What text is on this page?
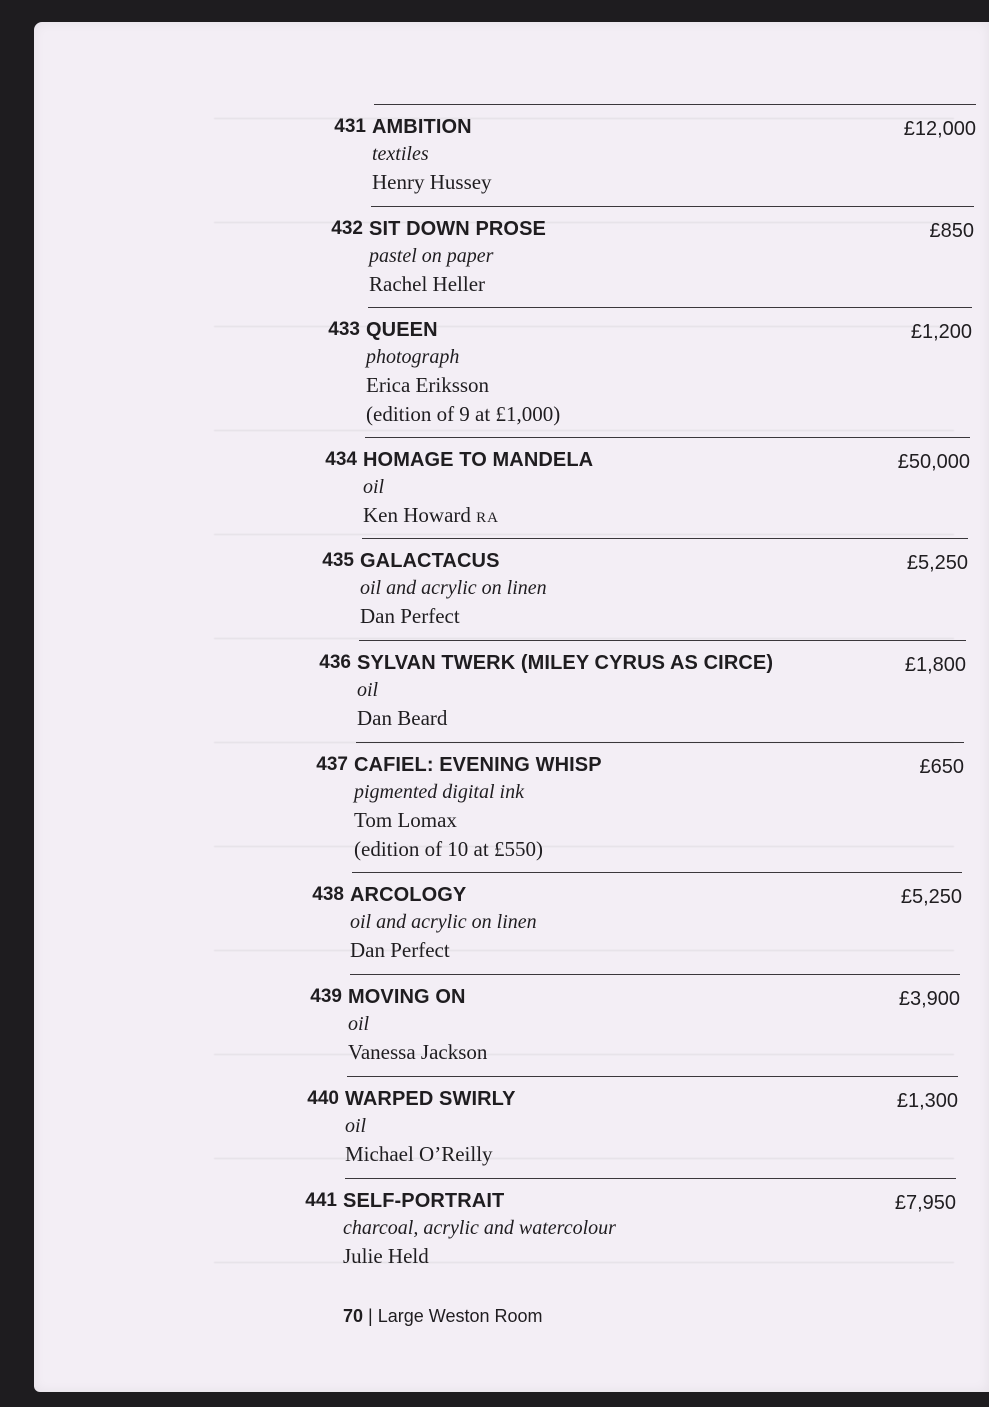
431 AMBITION	£12,000
textiles
Henry Hussey
432 SIT DOWN PROSE	£850
pastel on paper
Rachel Heller
433 QUEEN	£1,200
photograph
Erica Eriksson
(edition of 9 at £1,000)
434 HOMAGE TO MANDELA	£50,000
oil
Ken Howard RA
435 GALACTACUS	£5,250
oil and acrylic on linen
Dan Perfect
436 SYLVAN TWERK (MILEY CYRUS AS CIRCE)	£1,800
oil
Dan Beard
437 CAFIEL: EVENING WHISP	£650
pigmented digital ink
Tom Lomax
(edition of 10 at £550)
438 ARCOLOGY	£5,250
oil and acrylic on linen
Dan Perfect
439 MOVING ON	£3,900
oil
Vanessa Jackson
440 WARPED SWIRLY	£1,300
oil
Michael O’Reilly
441 SELF-PORTRAIT	£7,950
charcoal, acrylic and watercolour
Julie Held
70 | Large Weston Room
